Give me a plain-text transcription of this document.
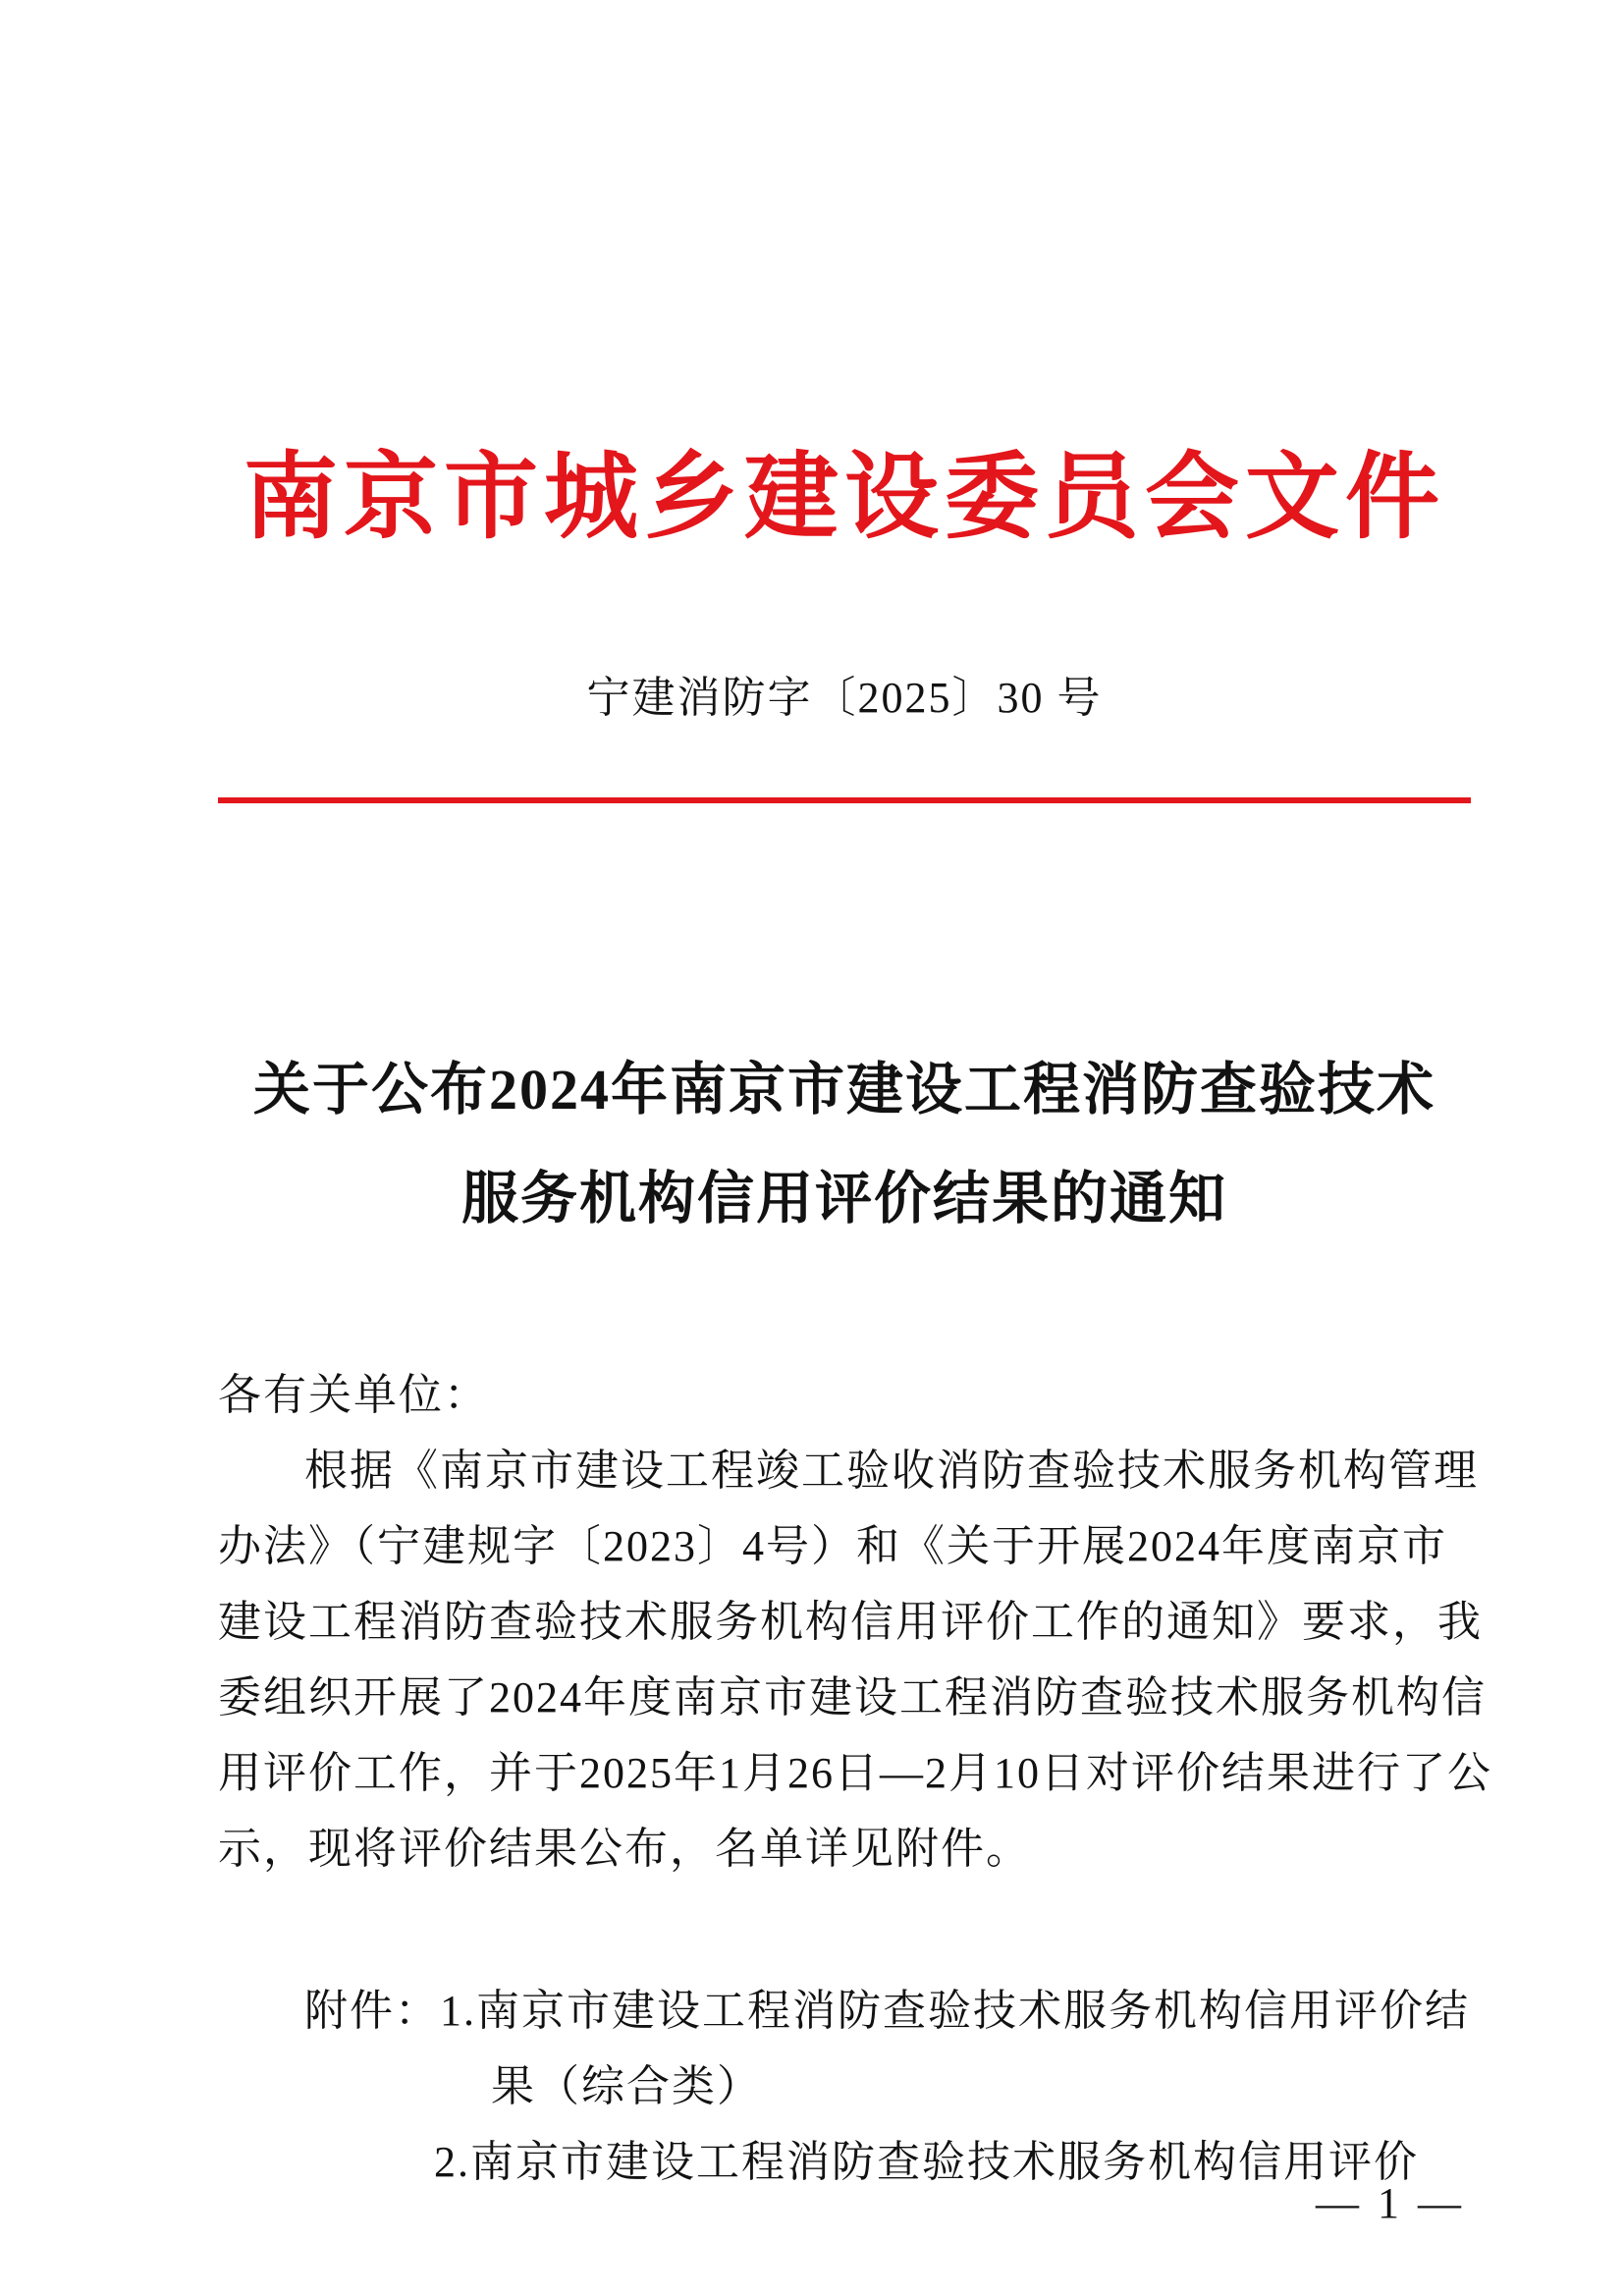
南京市城乡建设委员会文件
宁建消防字〔2025〕30 号
关于公布2024年南京市建设工程消防查验技术
服务机构信用评价结果的通知
各有关单位：
根据《南京市建设工程竣工验收消防查验技术服务机构管理
办法》（宁建规字〔2023〕4号）和《关于开展2024年度南京市
建设工程消防查验技术服务机构信用评价工作的通知》要求，我
委组织开展了2024年度南京市建设工程消防查验技术服务机构信
用评价工作，并于2025年1月26日—2月10日对评价结果进行了公
示，现将评价结果公布，名单详见附件。
附件：1.南京市建设工程消防查验技术服务机构信用评价结
果（综合类）
2.南京市建设工程消防查验技术服务机构信用评价
— 1 —
